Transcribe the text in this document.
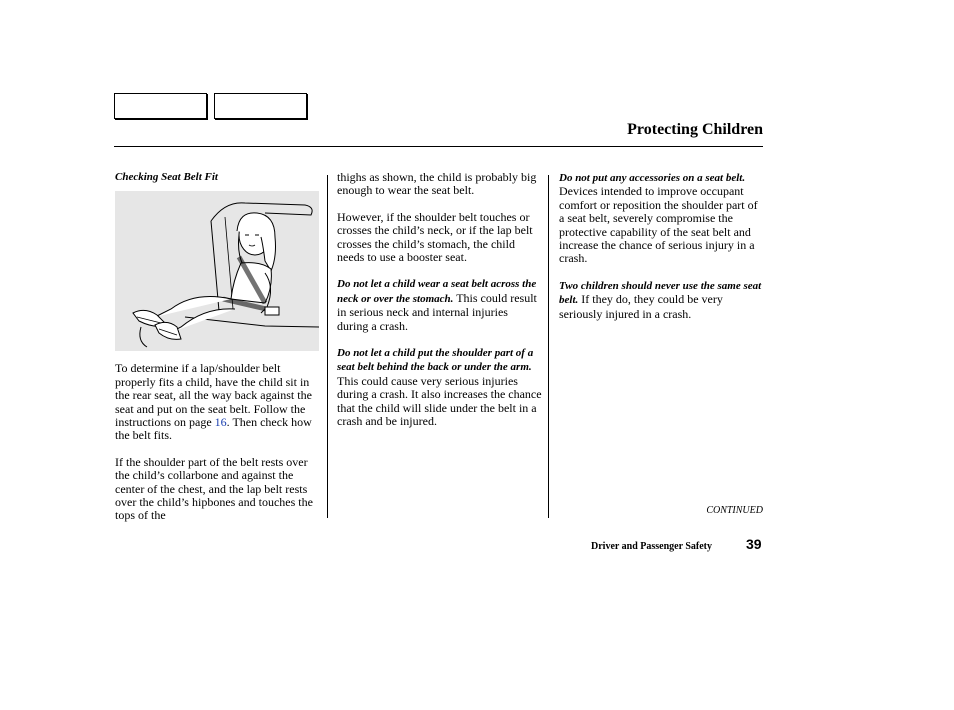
Protecting Children
Checking Seat Belt Fit

To determine if a lap/shoulder belt properly fits a child, have the child sit in the rear seat, all the way back against the seat and put on the seat belt. Follow the instructions on page 16. Then check how the belt fits.

If the shoulder part of the belt rests over the child’s collarbone and against the center of the chest, and the lap belt rests over the child’s hipbones and touches the tops of the

thighs as shown, the child is probably big enough to wear the seat belt.

However, if the shoulder belt touches or crosses the child’s neck, or if the lap belt crosses the child’s stomach, the child needs to use a booster seat.

Do not let a child wear a seat belt across the neck or over the stomach. This could result in serious neck and internal injuries during a crash.

Do not let a child put the shoulder part of a seat belt behind the back or under the arm. This could cause very serious injuries during a crash. It also increases the chance that the child will slide under the belt in a crash and be injured.

Do not put any accessories on a seat belt. Devices intended to improve occupant comfort or reposition the shoulder part of a seat belt, severely compromise the protective capability of the seat belt and increase the chance of serious injury in a crash.

Two children should never use the same seat belt. If they do, they could be very seriously injured in a crash.

CONTINUED
Driver and Passenger Safety 39
